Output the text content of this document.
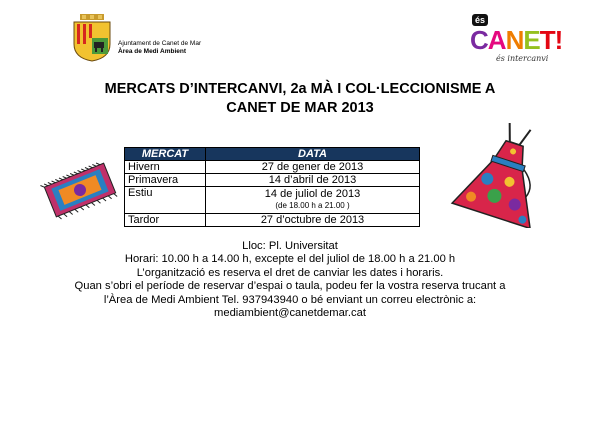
Ajuntament de Canet de Mar
Àrea de Medi Ambient
és
CANET!
és intercanvi
MERCATS D’INTERCANVI, 2a MÀ I COL·LECCIONISME A
CANET DE MAR 2013
MERCAT	DATA
Hivern	27 de gener de 2013
Primavera	14 d’abril de 2013
Estiu	14 de juliol de 2013
(de 18.00 h a 21.00 )

Tardor	27 d’octubre de 2013
Lloc: Pl. Universitat
Horari: 10.00 h a 14.00 h, excepte el del juliol de 18.00 h a 21.00 h
L’organització es reserva el dret de canviar les dates i horaris.
Quan s’obri el període de reservar d’espai o taula, podeu fer la vostra reserva trucant a
l’Àrea de Medi Ambient Tel. 937943940 o bé enviant un correu electrònic a:
mediambient@canetdemar.cat
